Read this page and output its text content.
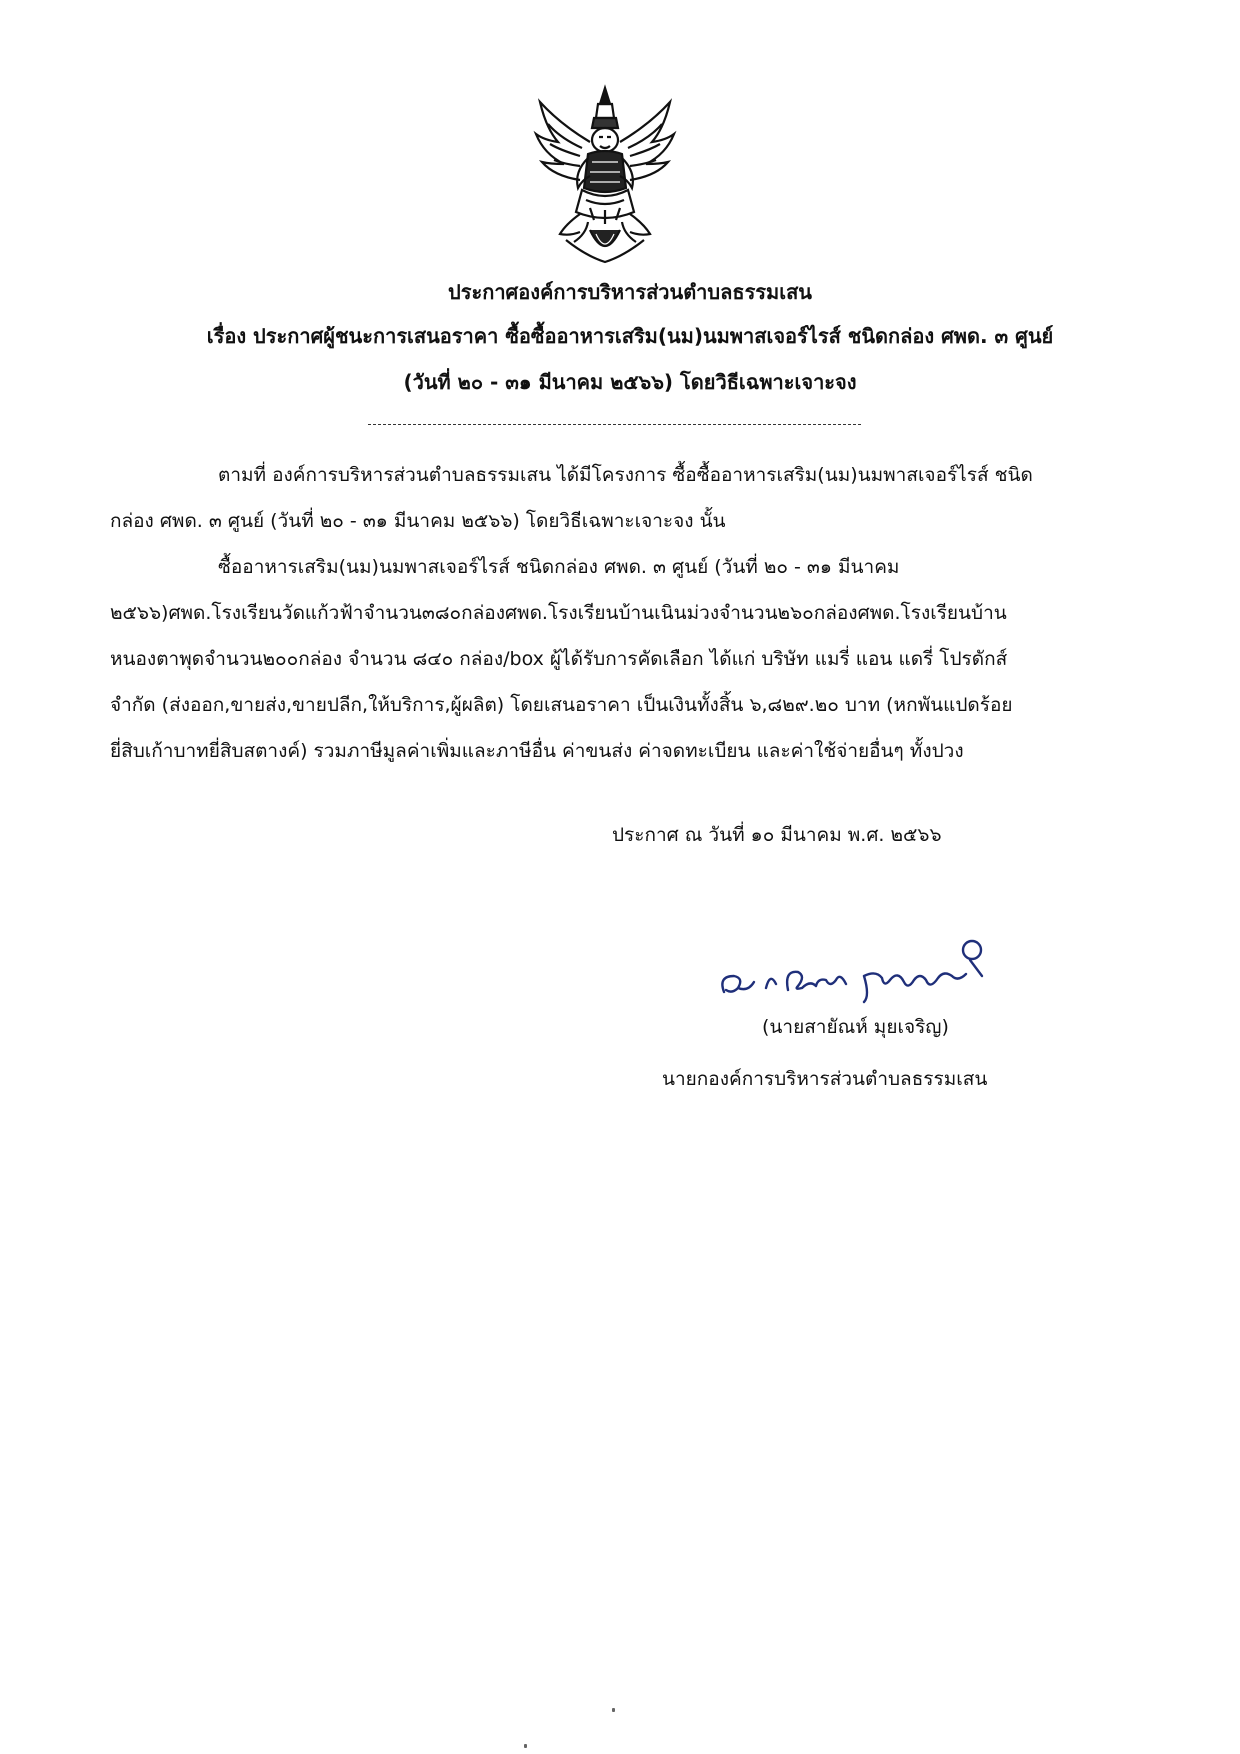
ประกาศองค์การบริหารส่วนตำบลธรรมเสน
เรื่อง ประกาศผู้ชนะการเสนอราคา ซื้อซื้ออาหารเสริม(นม)นมพาสเจอร์ไรส์ ชนิดกล่อง ศพด. ๓ ศูนย์
(วันที่ ๒๐ - ๓๑ มีนาคม ๒๕๖๖) โดยวิธีเฉพาะเจาะจง
ตามที่ องค์การบริหารส่วนตำบลธรรมเสน ได้มีโครงการ ซื้อซื้ออาหารเสริม(นม)นมพาสเจอร์ไรส์ ชนิด
กล่อง ศพด. ๓ ศูนย์ (วันที่ ๒๐ - ๓๑ มีนาคม ๒๕๖๖) โดยวิธีเฉพาะเจาะจง นั้น
ซื้ออาหารเสริม(นม)นมพาสเจอร์ไรส์ ชนิดกล่อง ศพด. ๓ ศูนย์ (วันที่ ๒๐ - ๓๑ มีนาคม
๒๕๖๖)ศพด.โรงเรียนวัดแก้วฟ้าจำนวน๓๘๐กล่องศพด.โรงเรียนบ้านเนินม่วงจำนวน๒๖๐กล่องศพด.โรงเรียนบ้าน
หนองตาพุดจำนวน๒๐๐กล่อง จำนวน ๘๔๐ กล่อง/box ผู้ได้รับการคัดเลือก ได้แก่ บริษัท แมรี่ แอน แดรี่ โปรดักส์
จำกัด (ส่งออก,ขายส่ง,ขายปลีก,ให้บริการ,ผู้ผลิต) โดยเสนอราคา เป็นเงินทั้งสิ้น ๖,๘๒๙.๒๐ บาท (หกพันแปดร้อย
ยี่สิบเก้าบาทยี่สิบสตางค์) รวมภาษีมูลค่าเพิ่มและภาษีอื่น ค่าขนส่ง ค่าจดทะเบียน และค่าใช้จ่ายอื่นๆ ทั้งปวง
ประกาศ ณ วันที่ ๑๐ มีนาคม พ.ศ. ๒๕๖๖
(นายสายัณห์ มุยเจริญ)
นายกองค์การบริหารส่วนตำบลธรรมเสน
